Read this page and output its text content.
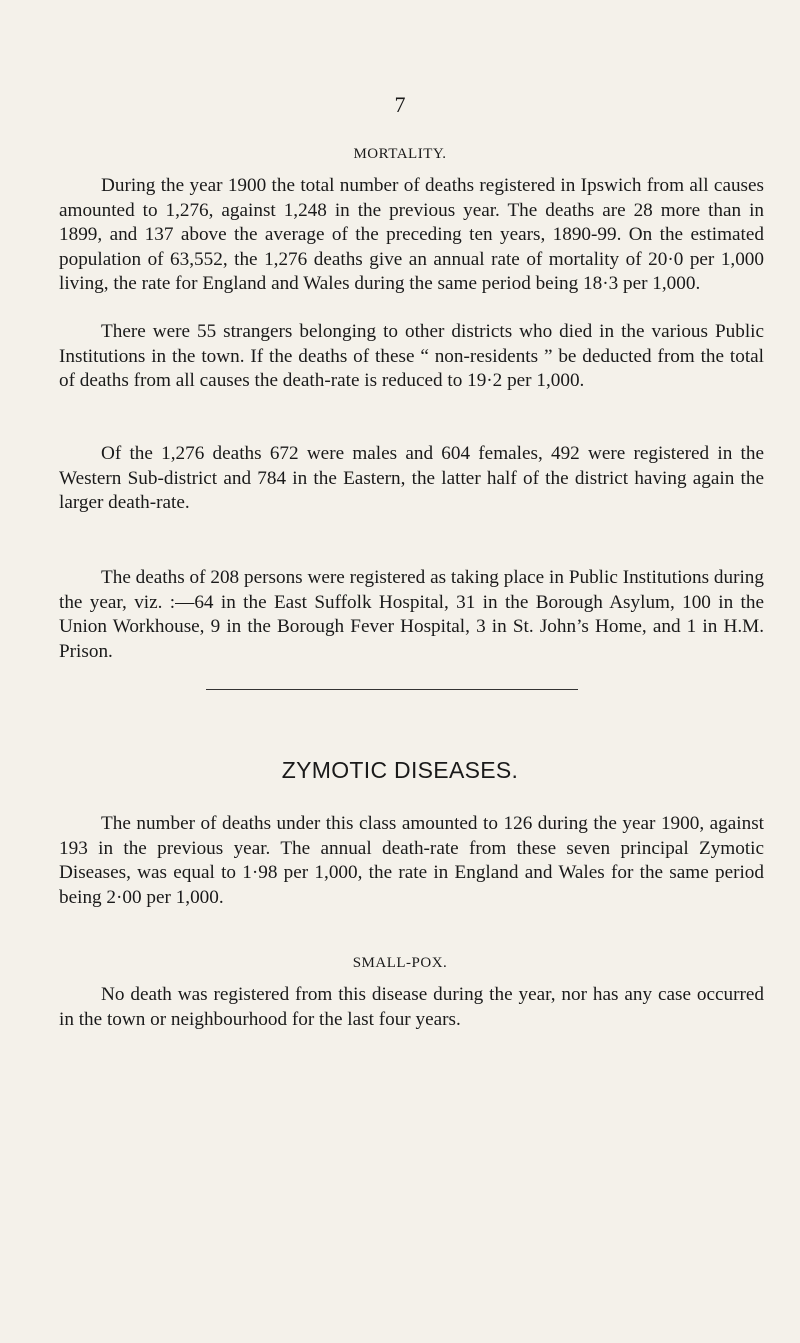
7
MORTALITY.

During the year 1900 the total number of deaths registered in Ipswich from all causes amounted to 1,276, against 1,248 in the previous year. The deaths are 28 more than in 1899, and 137 above the average of the preceding ten years, 1890-99. On the estimated population of 63,552, the 1,276 deaths give an annual rate of mortality of 20·0 per 1,000 living, the rate for England and Wales during the same period being 18·3 per 1,000.

There were 55 strangers belonging to other districts who died in the various Public Institutions in the town. If the deaths of these “ non-residents ” be deducted from the total of deaths from all causes the death-rate is reduced to 19·2 per 1,000.

Of the 1,276 deaths 672 were males and 604 females, 492 were registered in the Western Sub-district and 784 in the Eastern, the latter half of the district having again the larger death-rate.

The deaths of 208 persons were registered as taking place in Public Institutions during the year, viz. :—64 in the East Suffolk Hospital, 31 in the Borough Asylum, 100 in the Union Workhouse, 9 in the Borough Fever Hospital, 3 in St. John’s Home, and 1 in H.M. Prison.

ZYMOTIC DISEASES.

The number of deaths under this class amounted to 126 during the year 1900, against 193 in the previous year. The annual death-rate from these seven principal Zymotic Diseases, was equal to 1·98 per 1,000, the rate in England and Wales for the same period being 2·00 per 1,000.

SMALL-POX.

No death was registered from this disease during the year, nor has any case occurred in the town or neighbourhood for the last four years.
